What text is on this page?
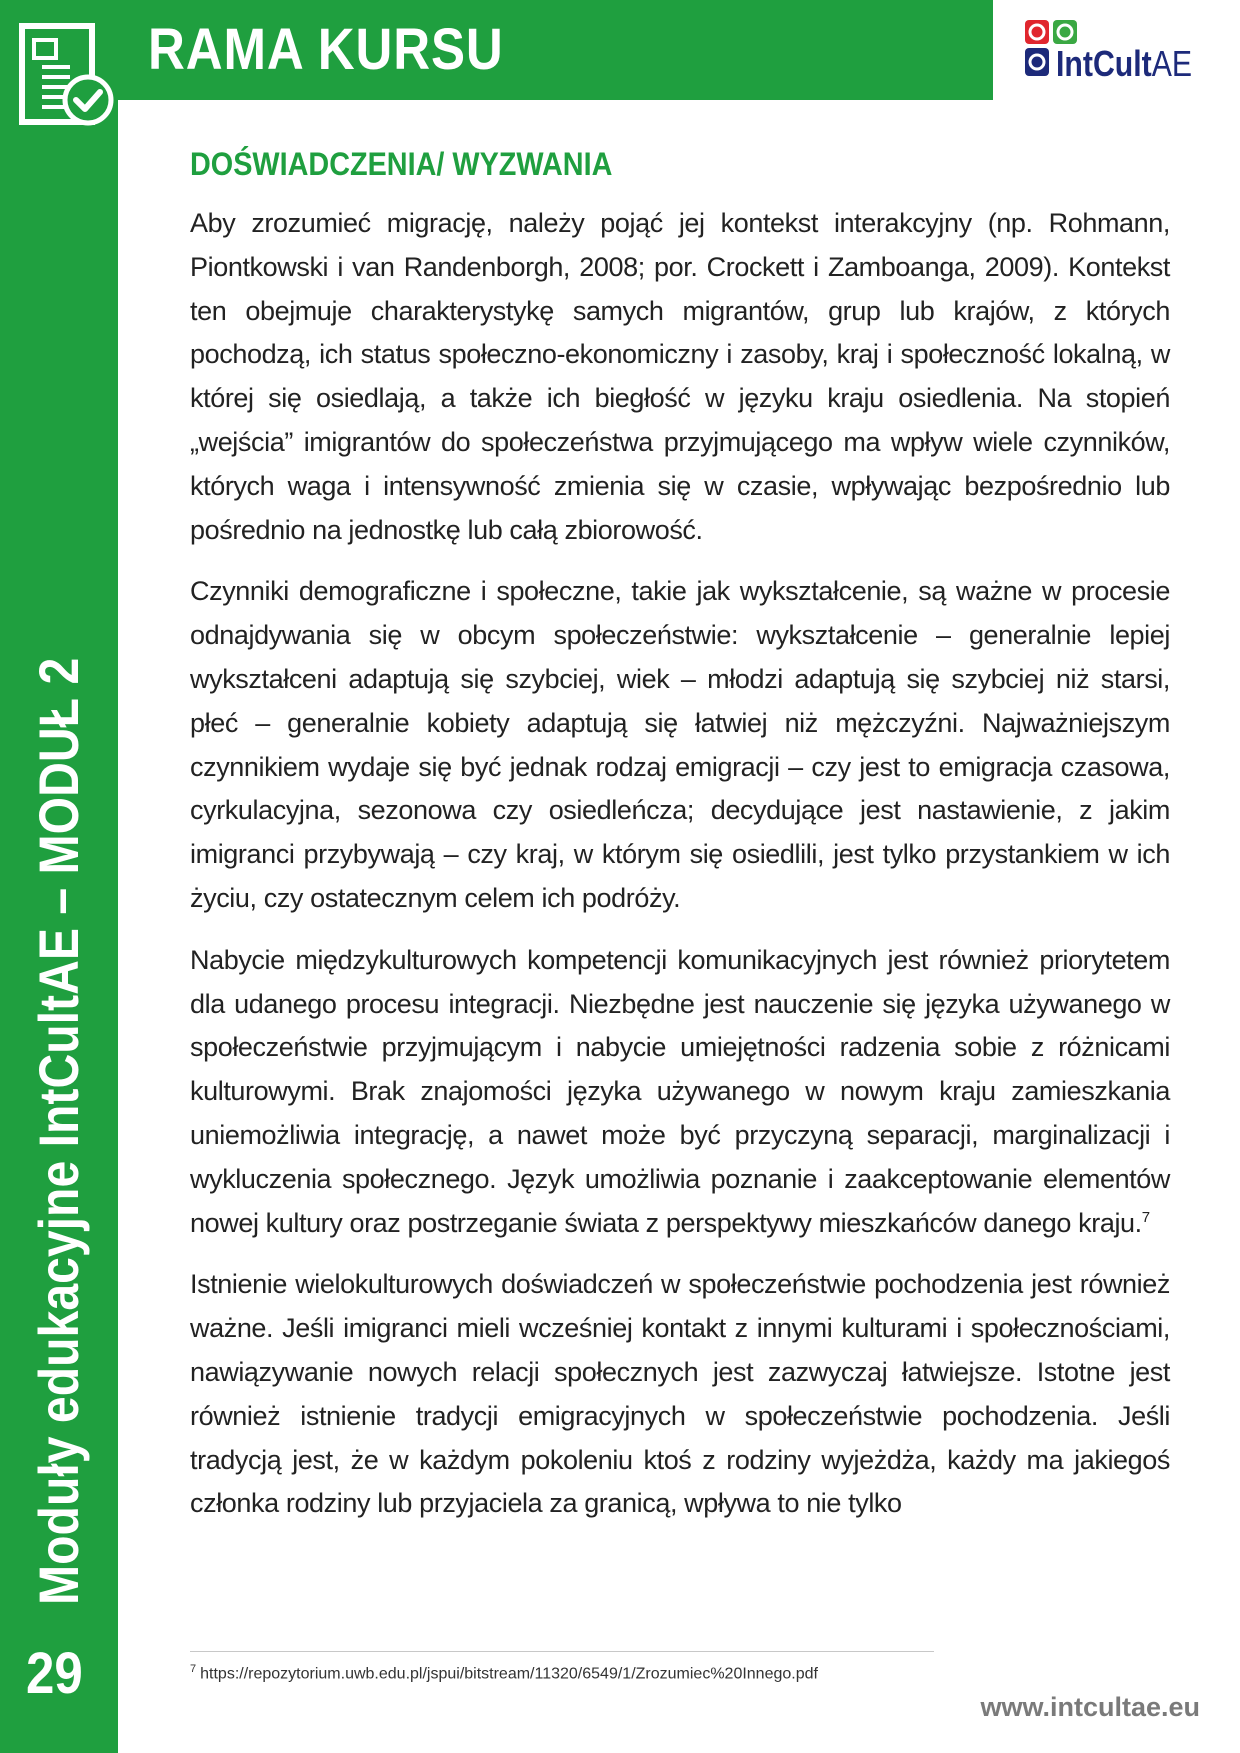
RAMA KURSU	IntCultAE
Moduły edukacyjne IntCultAE – MODUŁ 2
29
DOŚWIADCZENIA/ WYZWANIA

Aby zrozumieć migrację, należy pojąć jej kontekst interakcyjny (np. Rohmann, Piontkowski i van Randenborgh, 2008; por. Crockett i Zamboanga, 2009). Kontekst ten obejmuje charakterystykę samych migrantów, grup lub krajów, z których pochodzą, ich status społeczno-ekonomiczny i zasoby, kraj i społeczność lokalną, w której się osiedlają, a także ich biegłość w języku kraju osiedlenia. Na stopień „wejścia” imigrantów do społeczeństwa przyjmującego ma wpływ wiele czynników, których waga i intensywność zmienia się w czasie, wpływając bezpośrednio lub pośrednio na jednostkę lub całą zbiorowość.

Czynniki demograficzne i społeczne, takie jak wykształcenie, są ważne w procesie odnajdywania się w obcym społeczeństwie: wykształcenie – generalnie lepiej wykształceni adaptują się szybciej, wiek – młodzi adaptują się szybciej niż starsi, płeć – generalnie kobiety adaptują się łatwiej niż mężczyźni. Najważniejszym czynnikiem wydaje się być jednak rodzaj emigracji – czy jest to emigracja czasowa, cyrkulacyjna, sezonowa czy osiedleńcza; decydujące jest nastawienie, z jakim imigranci przybywają – czy kraj, w którym się osiedlili, jest tylko przystankiem w ich życiu, czy ostatecznym celem ich podróży.

Nabycie międzykulturowych kompetencji komunikacyjnych jest również priorytetem dla udanego procesu integracji. Niezbędne jest nauczenie się języka używanego w społeczeństwie przyjmującym i nabycie umiejętności radzenia sobie z różnicami kulturowymi. Brak znajomości języka używanego w nowym kraju zamieszkania uniemożliwia integrację, a nawet może być przyczyną separacji, marginalizacji i wykluczenia społecznego. Język umożliwia poznanie i zaakceptowanie elementów nowej kultury oraz postrzeganie świata z perspektywy mieszkańców danego kraju.$^7$

Istnienie wielokulturowych doświadczeń w społeczeństwie pochodzenia jest również ważne. Jeśli imigranci mieli wcześniej kontakt z innymi kulturami i społecznościami, nawiązywanie nowych relacji społecznych jest zazwyczaj łatwiejsze. Istotne jest również istnienie tradycji emigracyjnych w społeczeństwie pochodzenia. Jeśli tradycją jest, że w każdym pokoleniu ktoś z rodziny wyjeżdża, każdy ma jakiegoś członka rodziny lub przyjaciela za granicą, wpływa to nie tylko

$^7$ https://repozytorium.uwb.edu.pl/jspui/bitstream/11320/6549/1/Zrozumiec%20Innego.pdf
www.intcultae.eu
